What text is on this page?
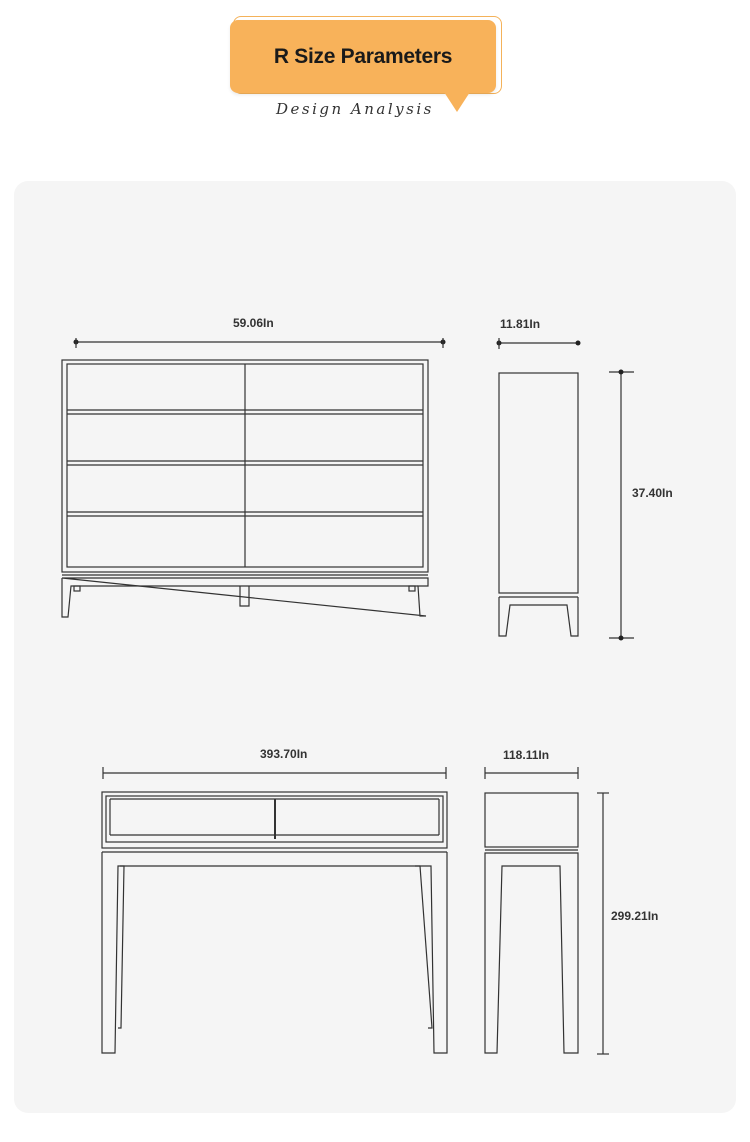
R Size Parameters
Design Analysis
59.06In	11.81In
37.40In
393.70In	118.11In
299.21In
